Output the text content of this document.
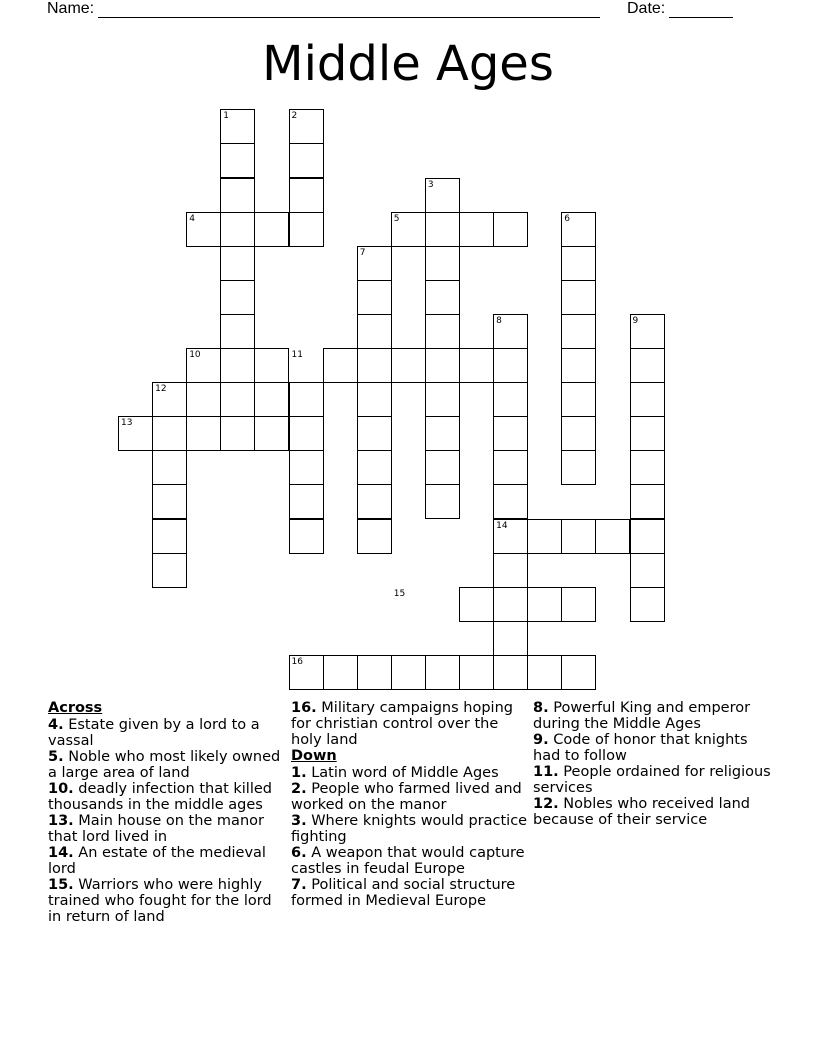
Name:	Date:
Middle Ages
1	2
3
4	5	6
7
8	9
10	11
12
13
14
15
16
Across
4. Estate given by a lord to a vassal
5. Noble who most likely owned a large area of land
10. deadly infection that killed thousands in the middle ages
13. Main house on the manor that lord lived in
14. An estate of the medieval lord
15. Warriors who were highly trained who fought for the lord in return of land
16. Military campaigns hoping for christian control over the holy land
Down
1. Latin word of Middle Ages
2. People who farmed lived and worked on the manor
3. Where knights would practice fighting
6. A weapon that would capture castles in feudal Europe
7. Political and social structure formed in Medieval Europe
8. Powerful King and emperor during the Middle Ages
9. Code of honor that knights had to follow
11. People ordained for religious services
12. Nobles who received land because of their service
